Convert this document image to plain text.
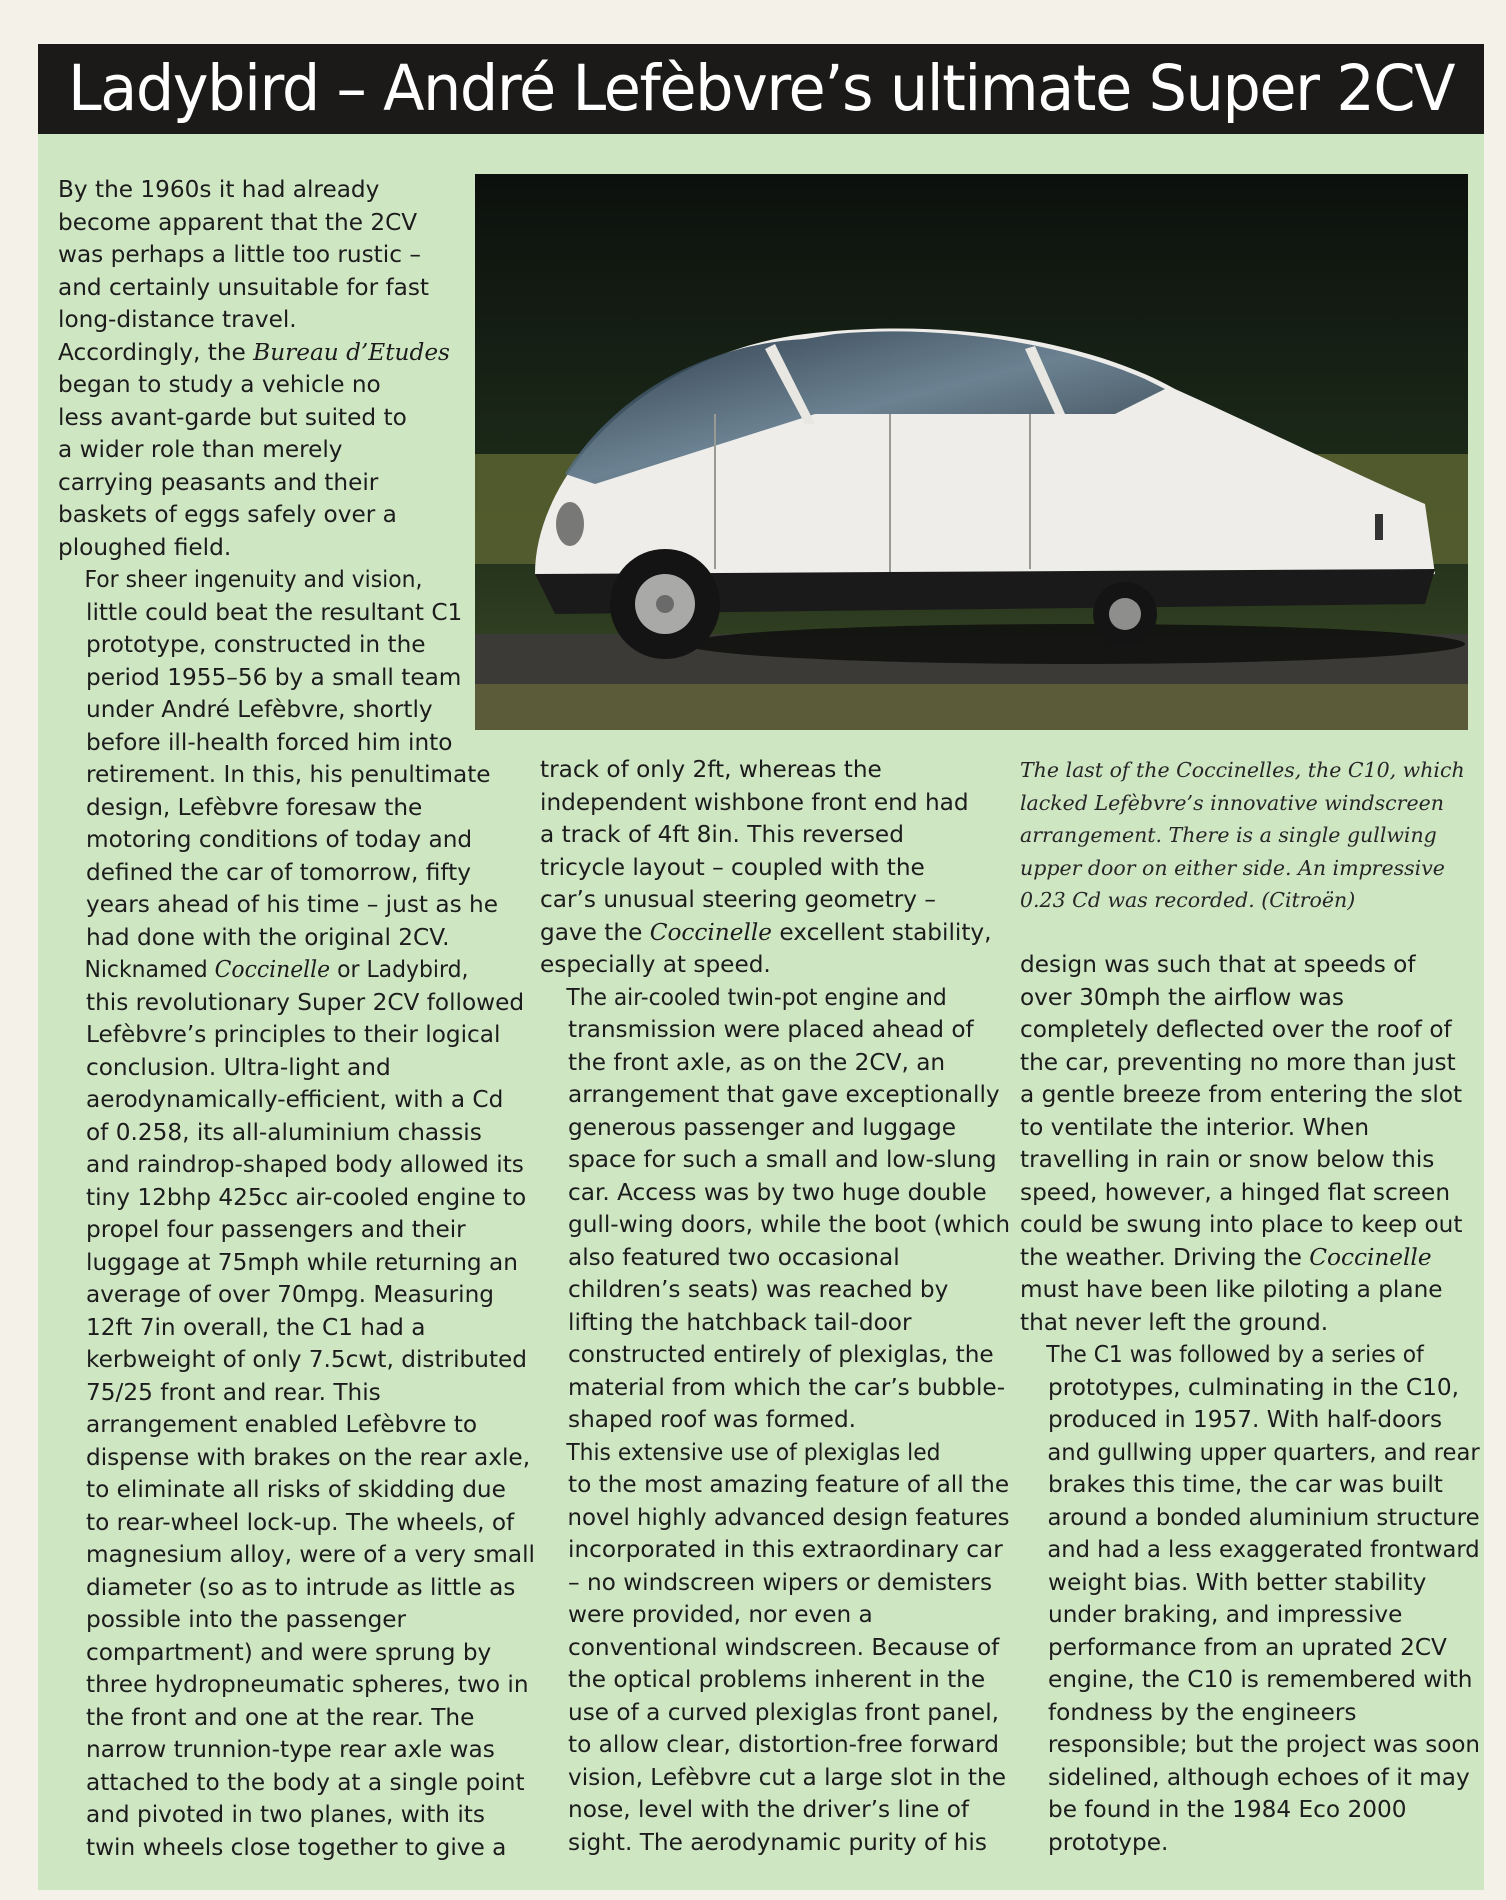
Ladybird – André Lefèbvre’s ultimate Super 2CV

By the 1960s it had already
become apparent that the 2CV
was perhaps a little too rustic –
and certainly unsuitable for fast
long-distance travel.
Accordingly, the Bureau d’Etudes
began to study a vehicle no
less avant-garde but suited to
a wider role than merely
carrying peasants and their
baskets of eggs safely over a
ploughed field.

For sheer ingenuity and vision,
little could beat the resultant C1
prototype, constructed in the
period 1955–56 by a small team
under André Lefèbvre, shortly
before ill-health forced him into
retirement. In this, his penultimate
design, Lefèbvre foresaw the
motoring conditions of today and
defined the car of tomorrow, fifty
years ahead of his time – just as he
had done with the original 2CV.

Nicknamed Coccinelle or Ladybird,
this revolutionary Super 2CV followed
Lefèbvre’s principles to their logical
conclusion. Ultra-light and
aerodynamically-efficient, with a Cd
of 0.258, its all-aluminium chassis
and raindrop-shaped body allowed its
tiny 12bhp 425cc air-cooled engine to
propel four passengers and their
luggage at 75mph while returning an
average of over 70mpg. Measuring
12ft 7in overall, the C1 had a
kerbweight of only 7.5cwt, distributed
75/25 front and rear. This
arrangement enabled Lefèbvre to
dispense with brakes on the rear axle,
to eliminate all risks of skidding due
to rear-wheel lock-up. The wheels, of
magnesium alloy, were of a very small
diameter (so as to intrude as little as
possible into the passenger
compartment) and were sprung by
three hydropneumatic spheres, two in
the front and one at the rear. The
narrow trunnion-type rear axle was
attached to the body at a single point
and pivoted in two planes, with its
twin wheels close together to give a

The last of the Coccinelles, the C10, which
lacked Lefèbvre’s innovative windscreen
arrangement. There is a single gullwing
upper door on either side. An impressive
0.23 Cd was recorded. (Citroën)

track of only 2ft, whereas the
independent wishbone front end had
a track of 4ft 8in. This reversed
tricycle layout – coupled with the
car’s unusual steering geometry –
gave the Coccinelle excellent stability,
especially at speed.

The air-cooled twin-pot engine and
transmission were placed ahead of
the front axle, as on the 2CV, an
arrangement that gave exceptionally
generous passenger and luggage
space for such a small and low-slung
car. Access was by two huge double
gull-wing doors, while the boot (which
also featured two occasional
children’s seats) was reached by
lifting the hatchback tail-door
constructed entirely of plexiglas, the
material from which the car’s bubble-
shaped roof was formed.

This extensive use of plexiglas led
to the most amazing feature of all the
novel highly advanced design features
incorporated in this extraordinary car
– no windscreen wipers or demisters
were provided, nor even a
conventional windscreen. Because of
the optical problems inherent in the
use of a curved plexiglas front panel,
to allow clear, distortion-free forward
vision, Lefèbvre cut a large slot in the
nose, level with the driver’s line of
sight. The aerodynamic purity of his

design was such that at speeds of
over 30mph the airflow was
completely deflected over the roof of
the car, preventing no more than just
a gentle breeze from entering the slot
to ventilate the interior. When
travelling in rain or snow below this
speed, however, a hinged flat screen
could be swung into place to keep out
the weather. Driving the Coccinelle
must have been like piloting a plane
that never left the ground.

The C1 was followed by a series of
prototypes, culminating in the C10,
produced in 1957. With half-doors
and gullwing upper quarters, and rear
brakes this time, the car was built
around a bonded aluminium structure
and had a less exaggerated frontward
weight bias. With better stability
under braking, and impressive
performance from an uprated 2CV
engine, the C10 is remembered with
fondness by the engineers
responsible; but the project was soon
sidelined, although echoes of it may
be found in the 1984 Eco 2000
prototype.
